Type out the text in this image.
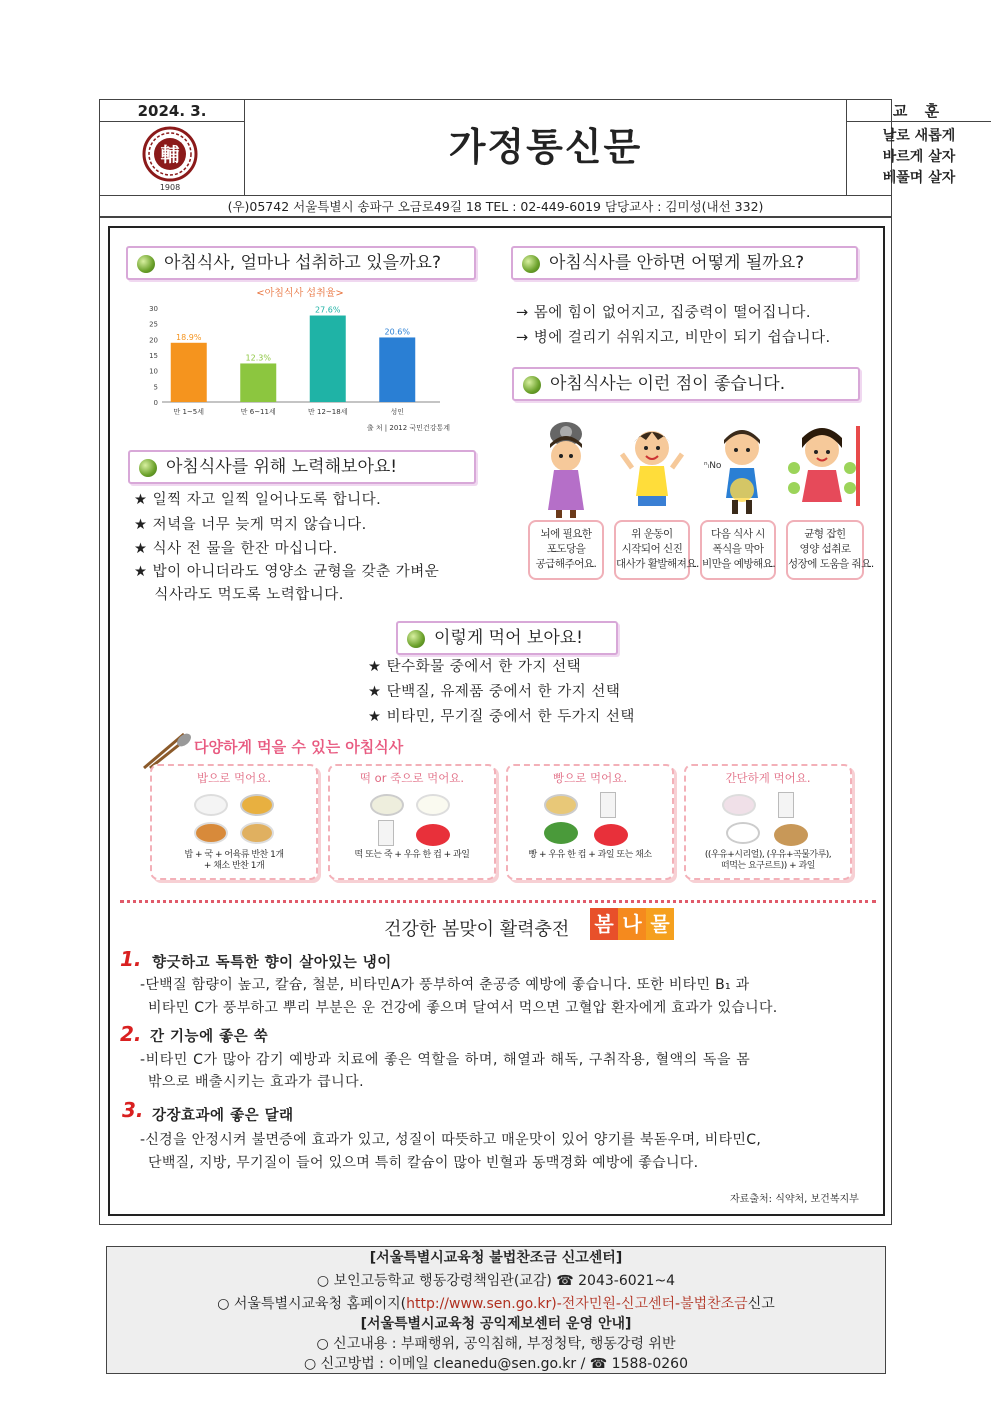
2024. 3.
輔
1908
가정통신문
교 훈
날로 새롭게
바르게 살자
베풀며 살자
(우)05742 서울특별시 송파구 오금로49길 18 TEL : 02-449-6019 담당교사 : 김미성(내선 332)
아침식사, 얼마나 섭취하고 있을까요?
<아침식사 섭취율>
0
5
10
15
20
25
30
18.9%
만 1~5세
12.3%
만 6~11세
27.6%
만 12~18세
20.6%
성인
출 처 | 2012 국민건강통계
아침식사를 위해 노력해보아요!
★ 일찍 자고 일찍 일어나도록 합니다.
★ 저녁을 너무 늦게 먹지 않습니다.
★ 식사 전 물을 한잔 마십니다.
★ 밥이 아니더라도 영양소 균형을 갖춘 가벼운
식사라도 먹도록 노력합니다.
아침식사를 안하면 어떻게 될까요?
→ 몸에 힘이 없어지고, 집중력이 떨어집니다.
→ 병에 걸리기 쉬워지고, 비만이 되기 쉽습니다.
아침식사는 이런 점이 좋습니다.
뇌에 필요한
포도당을
공급해주어요.
위 운동이
시작되어 신진
대사가 활발해져요.
ⁿᵢNo
다음 식사 시
폭식을 막아
비만을 예방해요.
균형 잡힌
영양 섭취로
성장에 도움을 줘요.
이렇게 먹어 보아요!
★ 탄수화물 중에서 한 가지 선택
★ 단백질, 유제품 중에서 한 가지 선택
★ 비타민, 무기질 중에서 한 두가지 선택
다양하게 먹을 수 있는 아침식사
밥으로 먹어요.
밥 + 국 + 어육류 반찬 1개
+ 채소 반찬 1개
떡 or 죽으로 먹어요.
떡 또는 죽 + 우유 한 컵 + 과일
빵으로 먹어요.
빵 + 우유 한 컵 + 과일 또는 채소
간단하게 먹어요.
((우유+시리얼), (우유+곡물가루),
떠먹는 요구르트)) + 과일
건강한 봄맞이 활력충전 봄 나 물
1. 향긋하고 독특한 향이 살아있는 냉이
-단백질 함량이 높고, 칼슘, 철분, 비타민A가 풍부하여 춘공증 예방에 좋습니다. 또한 비타민 B₁ 과
비타민 C가 풍부하고 뿌리 부분은 운 건강에 좋으며 달여서 먹으면 고혈압 환자에게 효과가 있습니다.
2. 간 기능에 좋은 쑥
-비타민 C가 많아 감기 예방과 치료에 좋은 역할을 하며, 해열과 해독, 구취작용, 혈액의 독을 몸
밖으로 배출시키는 효과가 큽니다.
3. 강장효과에 좋은 달래
-신경을 안정시켜 불면증에 효과가 있고, 성질이 따뜻하고 매운맛이 있어 양기를 북돋우며, 비타민C,
단백질, 지방, 무기질이 들어 있으며 특히 칼슘이 많아 빈혈과 동맥경화 예방에 좋습니다.
자료출처: 식약처, 보건복지부
[서울특별시교육청 불법찬조금 신고센터]
○ 보인고등학교 행동강령책임관(교감) ☎ 2043-6021~4
○ 서울특별시교육청 홈페이지(http://www.sen.go.kr)-전자민원-신고센터-불법찬조금신고
[서울특별시교육청 공익제보센터 운영 안내]
○ 신고내용 : 부패행위, 공익침해, 부정청탁, 행동강령 위반
○ 신고방법 : 이메일 cleanedu@sen.go.kr / ☎ 1588-0260
